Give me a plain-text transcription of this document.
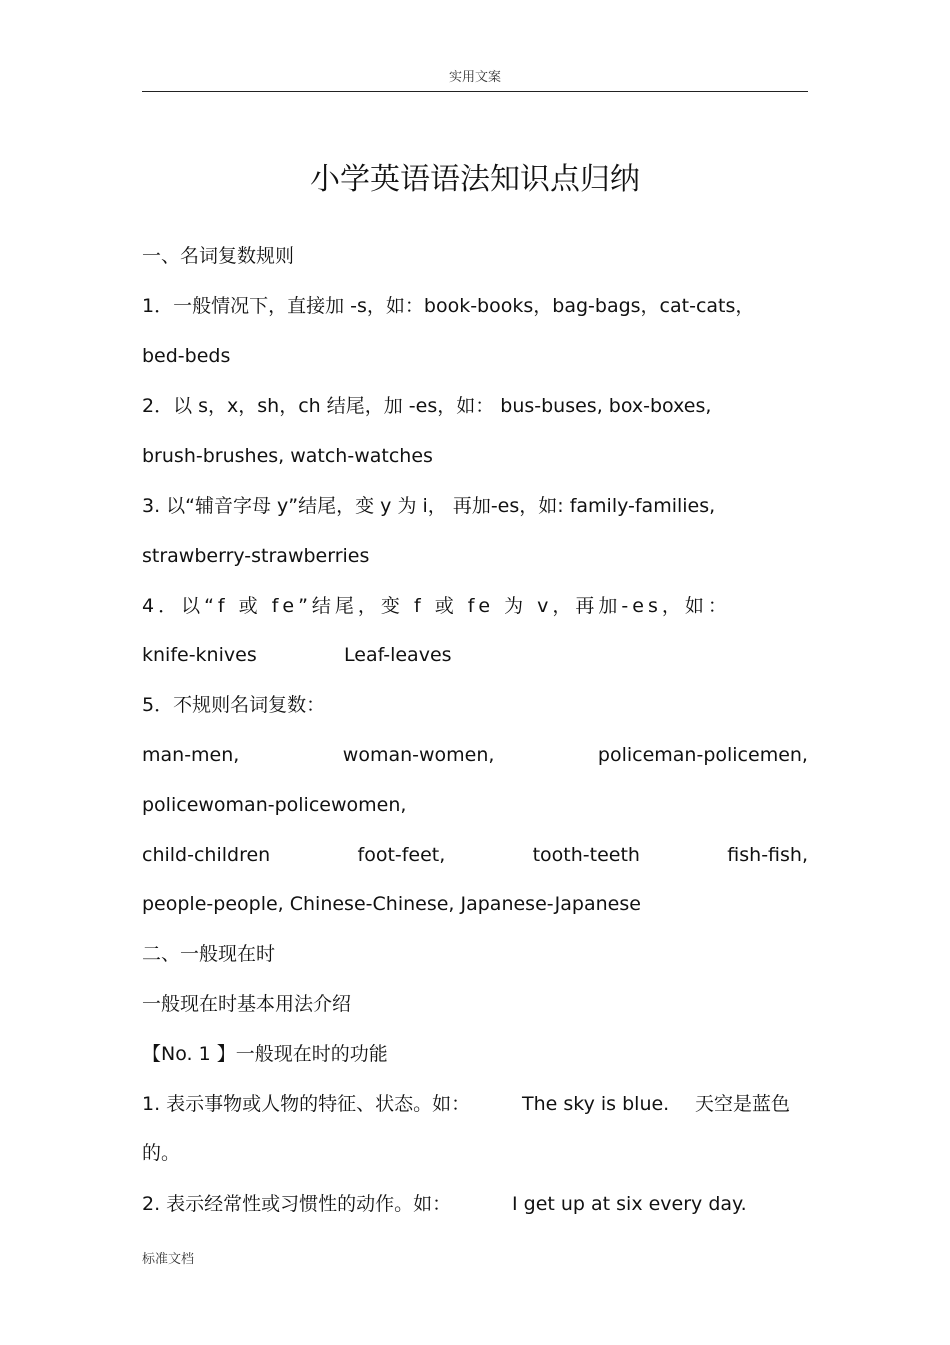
实用文案
小学英语语法知识点归纳
一、名词复数规则
1．一般情况下，直接加 -s，如：book-books，bag-bags，cat-cats，
bed-beds
2．以 s，x，sh，ch 结尾，加 -es，如： bus-buses, box-boxes,
brush-brushes, watch-watches
3. 以“辅音字母 y”结尾，变 y 为 i， 再加-es，如: family-families,
strawberry-strawberries
4．以“f 或 fe”结尾，变 f 或 fe 为 v，再加-es，如：
knife-knives	Leaf-leaves
5．不规则名词复数：
man-men,	woman-women,	policeman-policemen,
policewoman-policewomen,
child-children	foot-feet,	tooth-teeth	fish-fish,
people-people, Chinese-Chinese, Japanese-Japanese
二、一般现在时
一般现在时基本用法介绍
【No. 1 】一般现在时的功能
1. 表示事物或人物的特征、状态。如：	The sky is blue. 天空是蓝色
的。
2. 表示经常性或习惯性的动作。如：	I get up at six every day.
标准文档
